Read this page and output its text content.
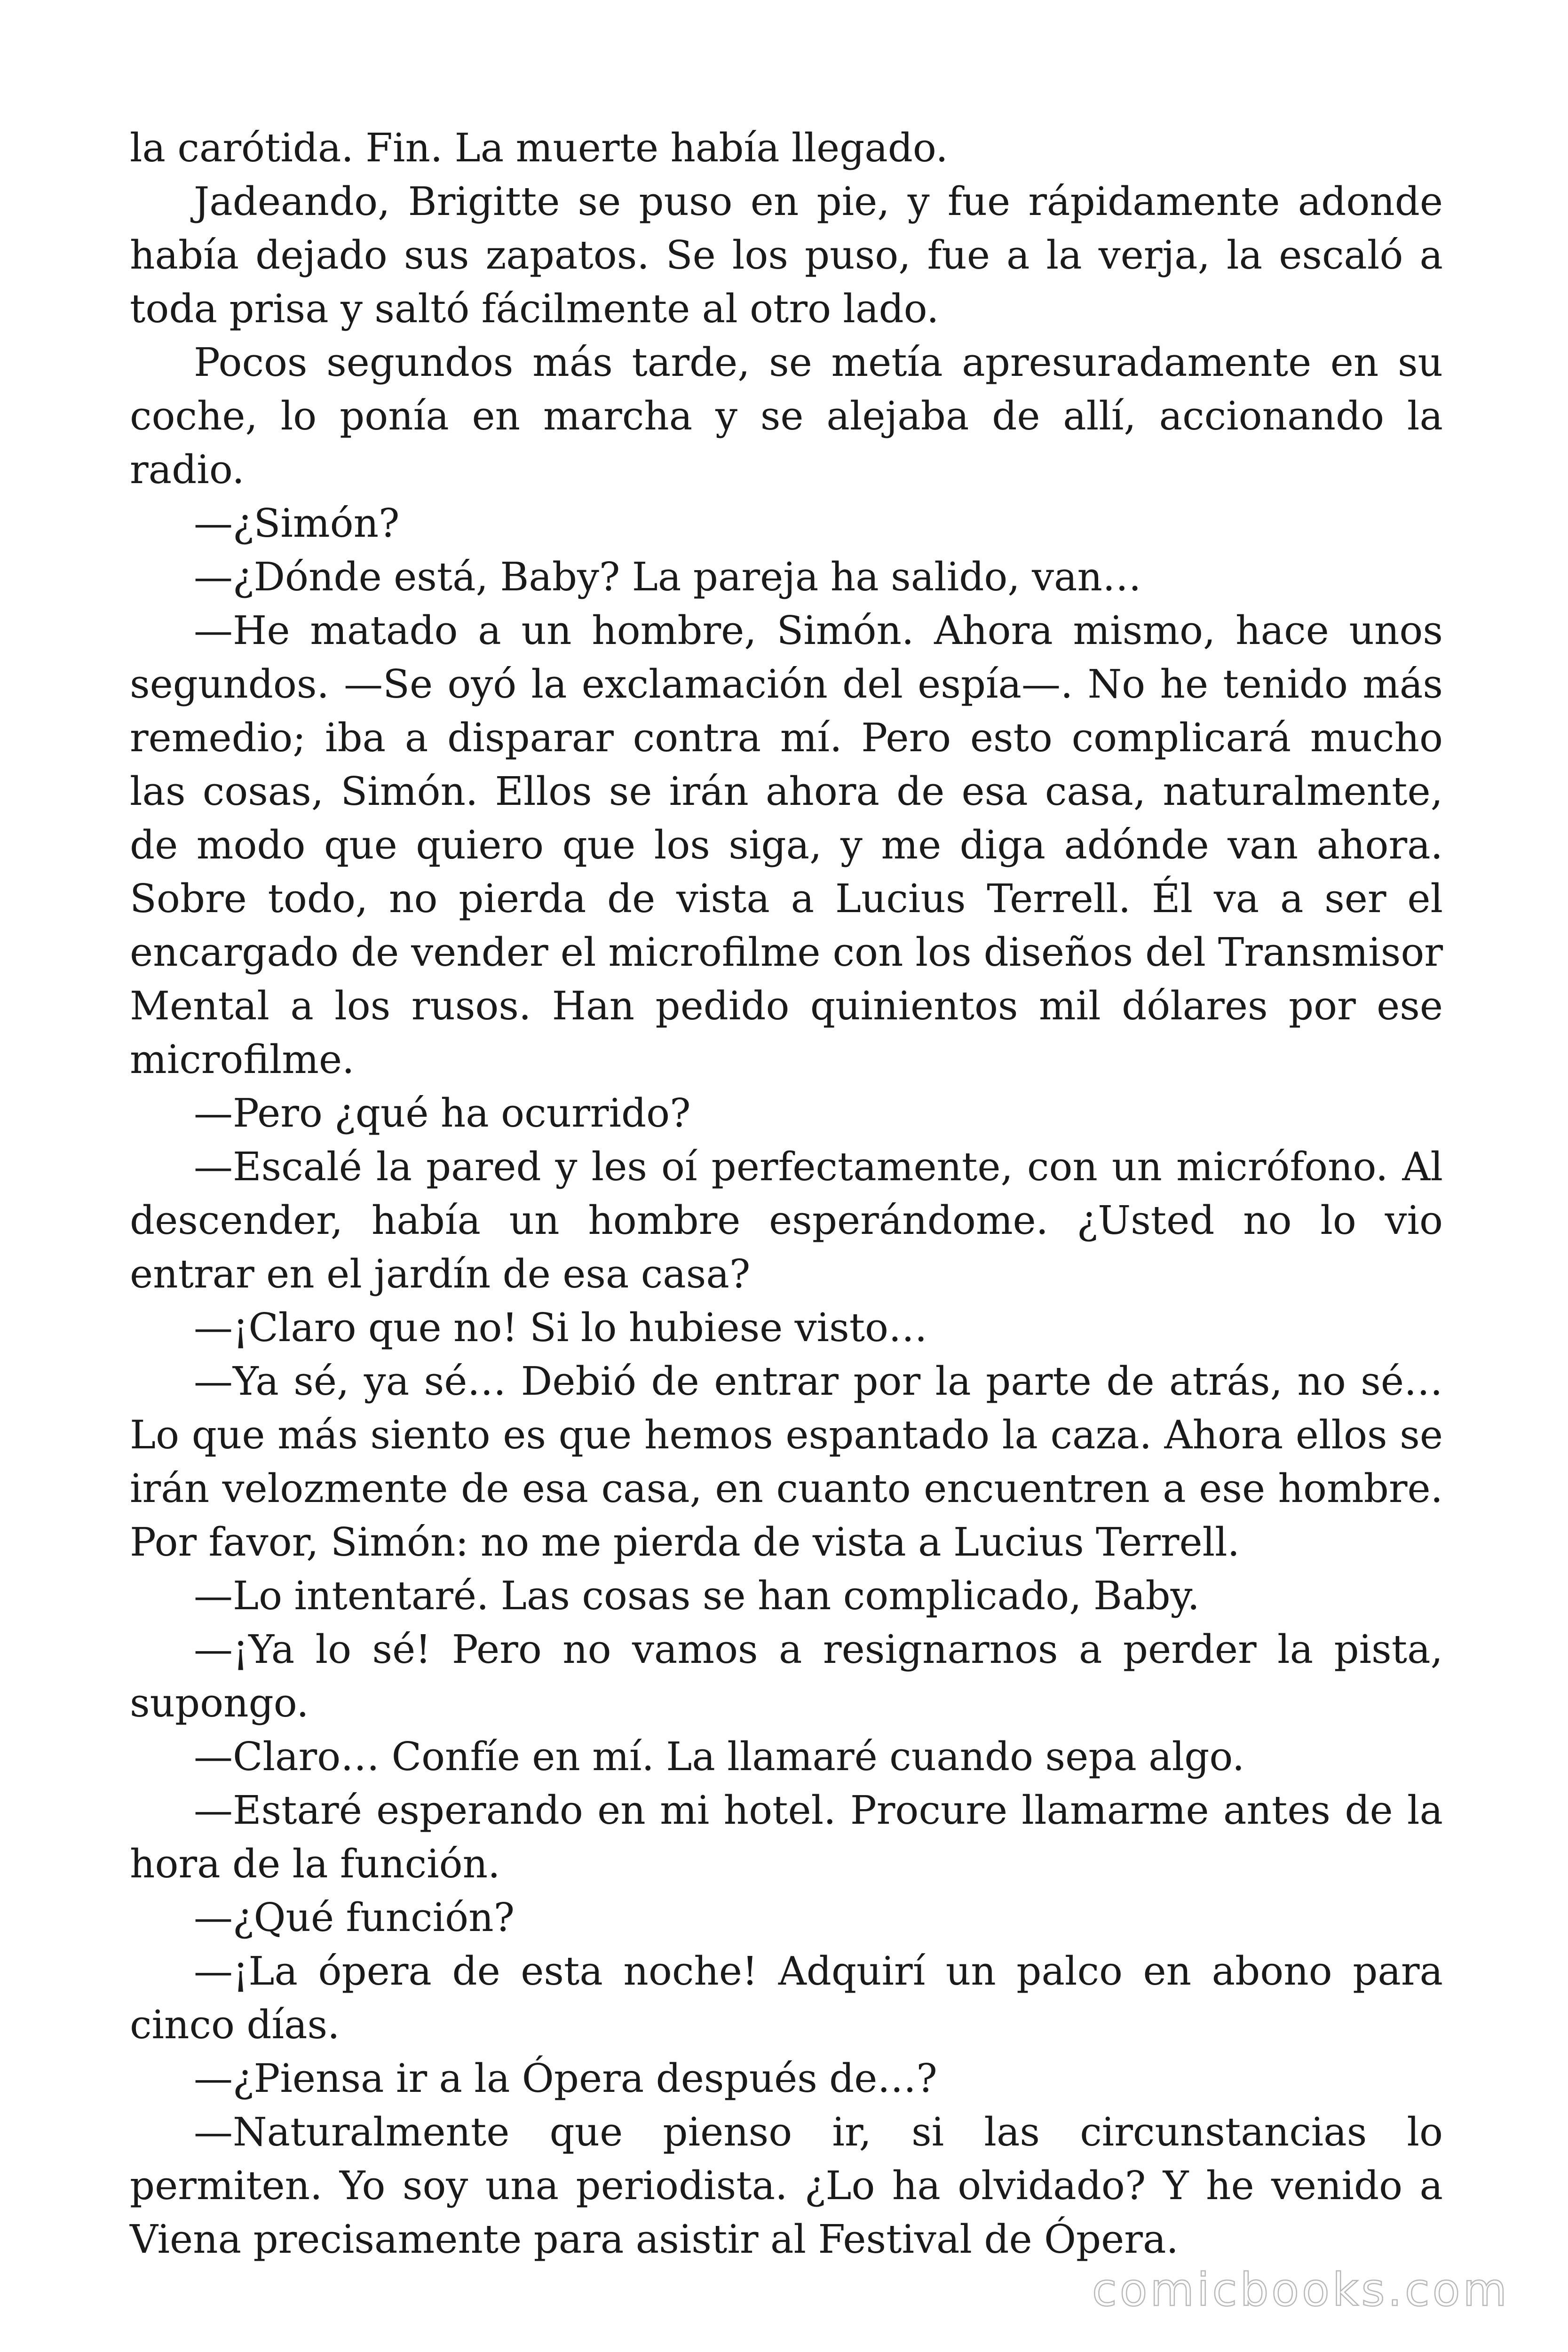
la carótida. Fin. La muerte había llegado.

Jadeando, Brigitte se puso en pie, y fue rápidamente adonde había dejado sus zapatos. Se los puso, fue a la verja, la escaló a toda prisa y saltó fácilmente al otro lado.

Pocos segundos más tarde, se metía apresuradamente en su coche, lo ponía en marcha y se alejaba de allí, accionando la radio.

—¿Simón?

—¿Dónde está, Baby? La pareja ha salido, van…

—He matado a un hombre, Simón. Ahora mismo, hace unos segundos. —Se oyó la exclamación del espía—. No he tenido más remedio; iba a disparar contra mí. Pero esto complicará mucho las cosas, Simón. Ellos se irán ahora de esa casa, naturalmente, de modo que quiero que los siga, y me diga adónde van ahora. Sobre todo, no pierda de vista a Lucius Terrell. Él va a ser el encargado de vender el microfilme con los diseños del Transmisor Mental a los rusos. Han pedido quinientos mil dólares por ese microfilme.

—Pero ¿qué ha ocurrido?

—Escalé la pared y les oí perfectamente, con un micrófono. Al descender, había un hombre esperándome. ¿Usted no lo vio entrar en el jardín de esa casa?

—¡Claro que no! Si lo hubiese visto…

—Ya sé, ya sé… Debió de entrar por la parte de atrás, no sé… Lo que más siento es que hemos espantado la caza. Ahora ellos se irán velozmente de esa casa, en cuanto encuentren a ese hombre. Por favor, Simón: no me pierda de vista a Lucius Terrell.

—Lo intentaré. Las cosas se han complicado, Baby.

—¡Ya lo sé! Pero no vamos a resignarnos a perder la pista, supongo.

—Claro… Confíe en mí. La llamaré cuando sepa algo.

—Estaré esperando en mi hotel. Procure llamarme antes de la hora de la función.

—¿Qué función?

—¡La ópera de esta noche! Adquirí un palco en abono para cinco días.

—¿Piensa ir a la Ópera después de…?

—Naturalmente que pienso ir, si las circunstancias lo permiten. Yo soy una periodista. ¿Lo ha olvidado? Y he venido a Viena precisamente para asistir al Festival de Ópera.

comicbooks.com
